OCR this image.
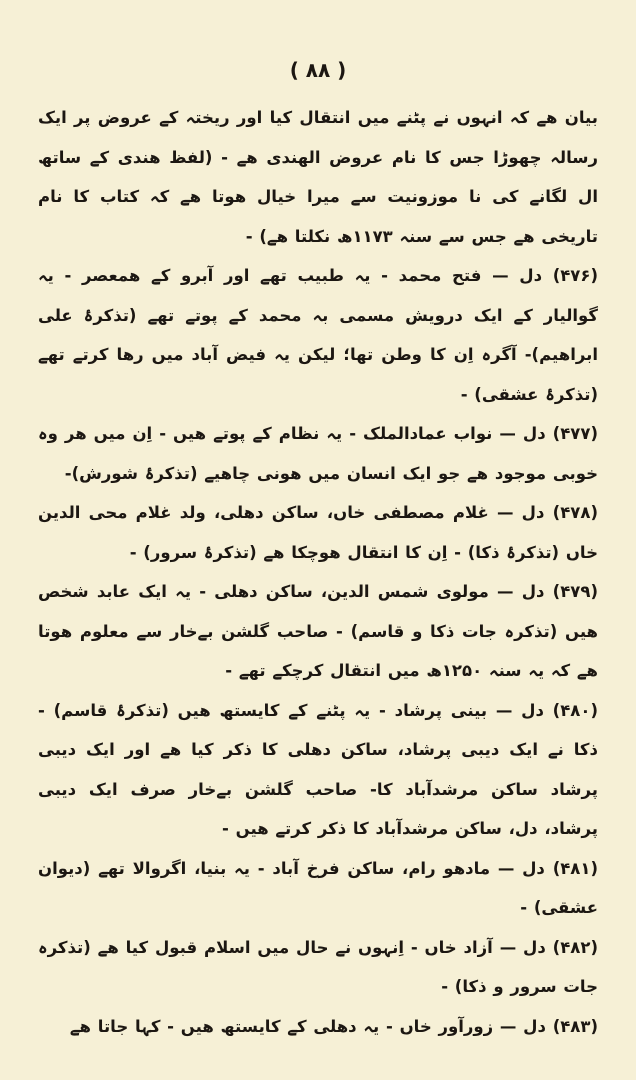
( ۸۸ )

بیان هے کہ انہوں نے پٹنے میں انتقال کیا اور ریختہ کے عروض پر ایک رسالہ چھوڑا جس کا نام عروض الهندی هے - (لفظ هندی کے ساتھ ال لگانے کی نا موزونیت سے میرا خیال هوتا هے کہ کتاب کا نام تاریخی هے جس سے سنہ ۱۱۷۳ھ نکلتا هے) -

(۴۷۶) دل — فتح محمد - یہ طبیب تھے اور آبرو کے همعصر - یہ گوالیار کے ایک درویش مسمی بہ محمد کے پوتے تھے (تذکرۂ علی ابراهیم)- آگرہ اِن کا وطن تھا؛ لیکن یہ فیض آباد میں رها کرتے تھے (تذکرۂ عشقی) -

(۴۷۷) دل — نواب عمادالملک - یہ نظام کے پوتے هیں - اِن میں هر وہ خوبی موجود هے جو ایک انسان میں هونی چاهیے (تذکرۂ شورش)-

(۴۷۸) دل — غلام مصطفی خاں، ساکن دهلی، ولد غلام محی الدین خاں (تذکرۂ ذکا) - اِن کا انتقال هوچکا هے (تذکرۂ سرور) -

(۴۷۹) دل — مولوی شمس الدین، ساکن دهلی - یہ ایک عابد شخص هیں (تذکرہ جات ذکا و قاسم) - صاحب گلشن بےخار سے معلوم هوتا هے کہ یہ سنہ ۱۲۵۰ھ میں انتقال کرچکے تھے -

(۴۸۰) دل — بینی پرشاد - یہ پٹنے کے کایستھ هیں (تذکرۂ قاسم) - ذکا نے ایک دیبی پرشاد، ساکن دهلی کا ذکر کیا هے اور ایک دیبی پرشاد ساکن مرشدآباد کا- صاحب گلشن بےخار صرف ایک دیبی پرشاد، دل، ساکن مرشدآباد کا ذکر کرتے هیں -

(۴۸۱) دل — مادھو رام، ساکن فرخ آباد - یہ بنیا، اگروالا تھے (دیوان عشقی) -

(۴۸۲) دل — آزاد خاں - اِنہوں نے حال میں اسلام قبول کیا هے (تذکرہ جات سرور و ذکا) -

(۴۸۳) دل — زورآور خاں - یہ دهلی کے کایستھ هیں - کہا جاتا هے
